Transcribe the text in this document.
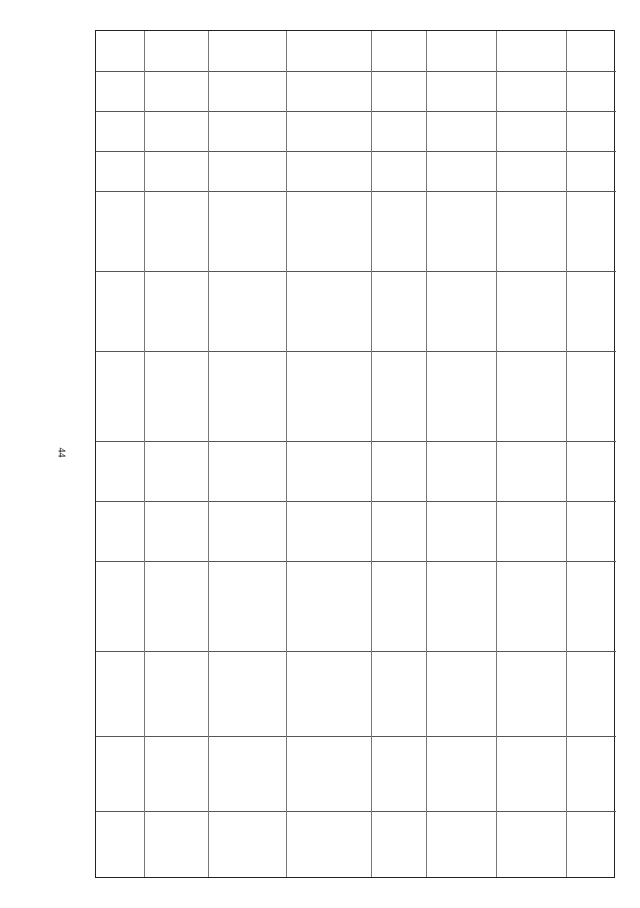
44
